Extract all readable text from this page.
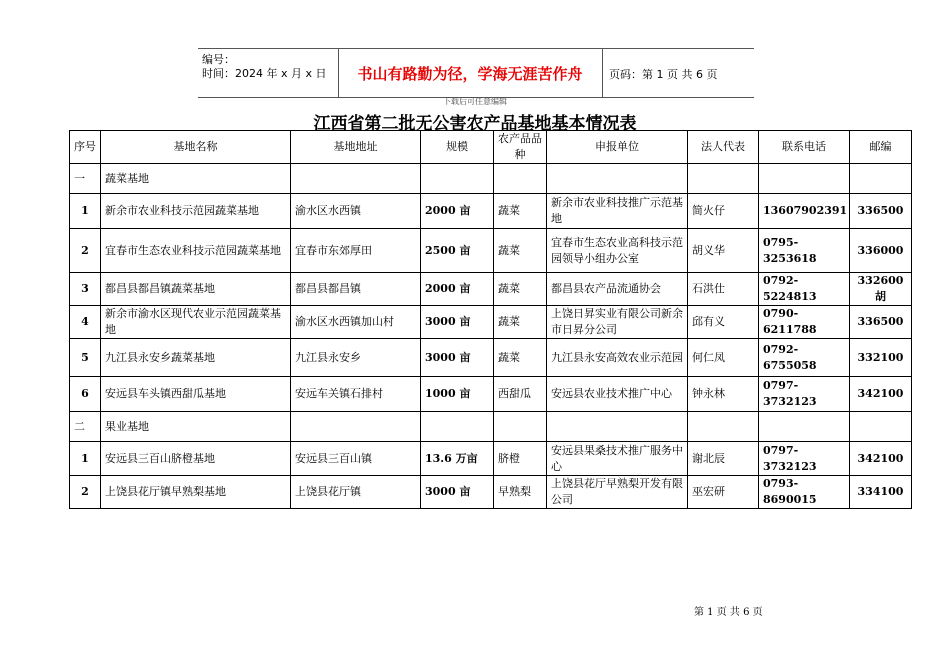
编号：
时间：2024 年 x 月 x 日	书山有路勤为径，学海无涯苦作舟	页码：第 1 页 共 6 页
下载后可任意编辑
江西省第二批无公害农产品基地基本情况表
序号	基地名称	基地地址	规模	农产品品 种	申报单位	法人代表	联系电话	邮编
一	蔬菜基地							
1	新余市农业科技示范园蔬菜基地	渝水区水西镇	2000 亩	蔬菜	新余市农业科技推广示范基地	简火仔	13607902391	336500
2	宜春市生态农业科技示范园蔬菜基地	宜春市东郊厚田	2500 亩	蔬菜	宜春市生态农业高科技示范园领导小组办公室	胡义华	0795-3253618	336000
3	都昌县都昌镇蔬菜基地	都昌县都昌镇	2000 亩	蔬菜	都昌县农产品流通协会	石洪仕	0792-5224813	332600 胡
4	新余市渝水区现代农业示范园蔬菜基地	渝水区水西镇加山村	3000 亩	蔬菜	上饶日昇实业有限公司新余市日昇分公司	邱有义	0790-6211788	336500
5	九江县永安乡蔬菜基地	九江县永安乡	3000 亩	蔬菜	九江县永安高效农业示范园	何仁凤	0792-6755058	332100
6	安远县车头镇西甜瓜基地	安远车关镇石排村	1000 亩	西甜瓜	安远县农业技术推广中心	钟永林	0797-3732123	342100
二	果业基地							
1	安远县三百山脐橙基地	安远县三百山镇	13.6 万亩	脐橙	安远县果桑技术推广服务中心	谢北辰	0797-3732123	342100
2	上饶县花厅镇早熟梨基地	上饶县花厅镇	3000 亩	早熟梨	上饶县花厅早熟梨开发有限公司	巫宏研	0793-8690015	334100
第 1 页 共 6 页
